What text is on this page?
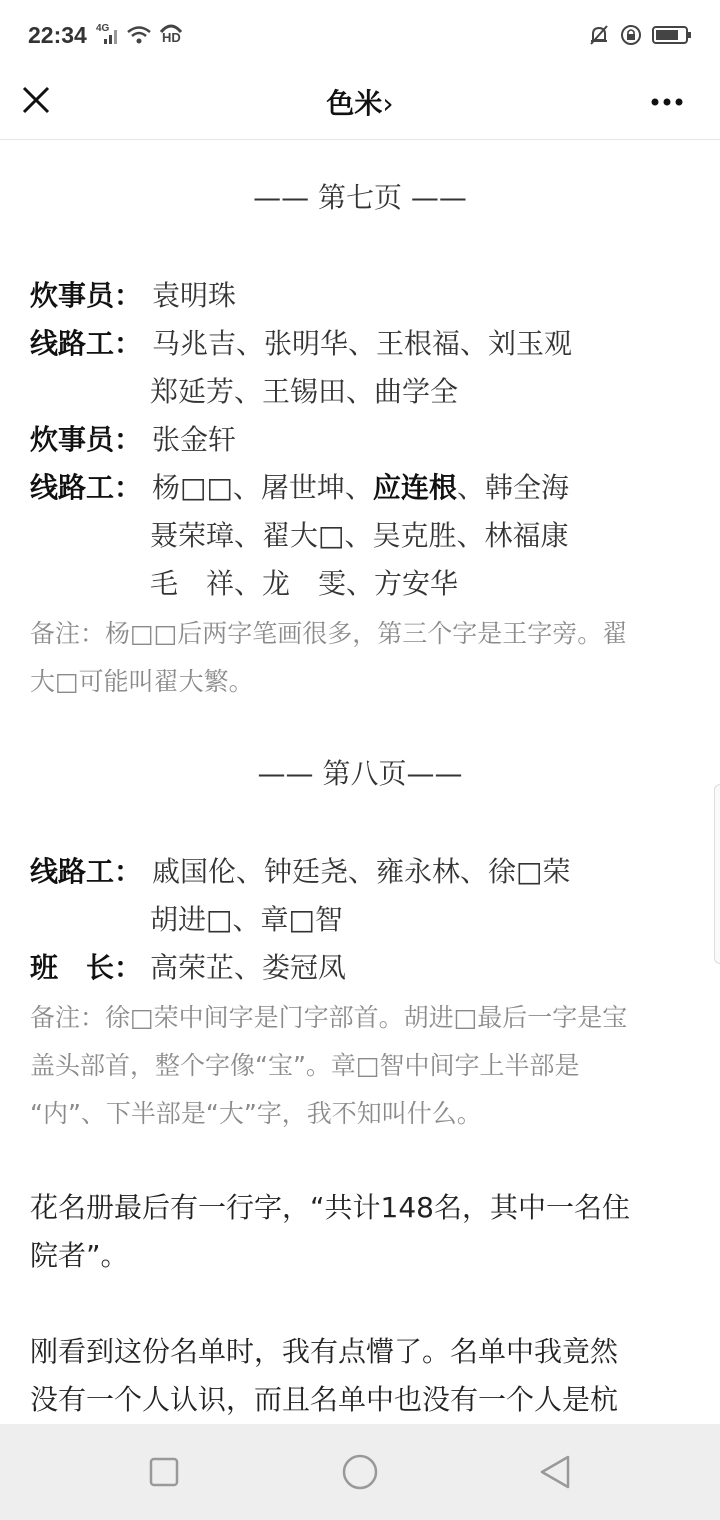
22:34 4G
HD
色米›
—— 第七页 ——
炊事员： 袁明珠
线路工： 马兆吉、张明华、王根福、刘玉观
郑延芳、王锡田、曲学全
炊事员： 张金轩
线路工： 杨□□、屠世坤、应连根、韩全海
聂荣璋、翟大□、吴克胜、林福康
毛　祥、龙　雯、方安华
备注：杨□□后两字笔画很多，第三个字是王字旁。翟
大□可能叫翟大繁。
—— 第八页——
线路工： 戚国伦、钟廷尧、雍永林、徐□荣
胡进□、章□智
班　长： 高荣芷、娄冠凤
备注：徐□荣中间字是门字部首。胡进□最后一字是宝
盖头部首，整个字像“宝”。章□智中间字上半部是
“内”、下半部是“大”字，我不知叫什么。
花名册最后有一行字，“共计148名，其中一名住
院者”。
刚看到这份名单时，我有点懵了。名单中我竟然
没有一个人认识，而且名单中也没有一个人是杭
